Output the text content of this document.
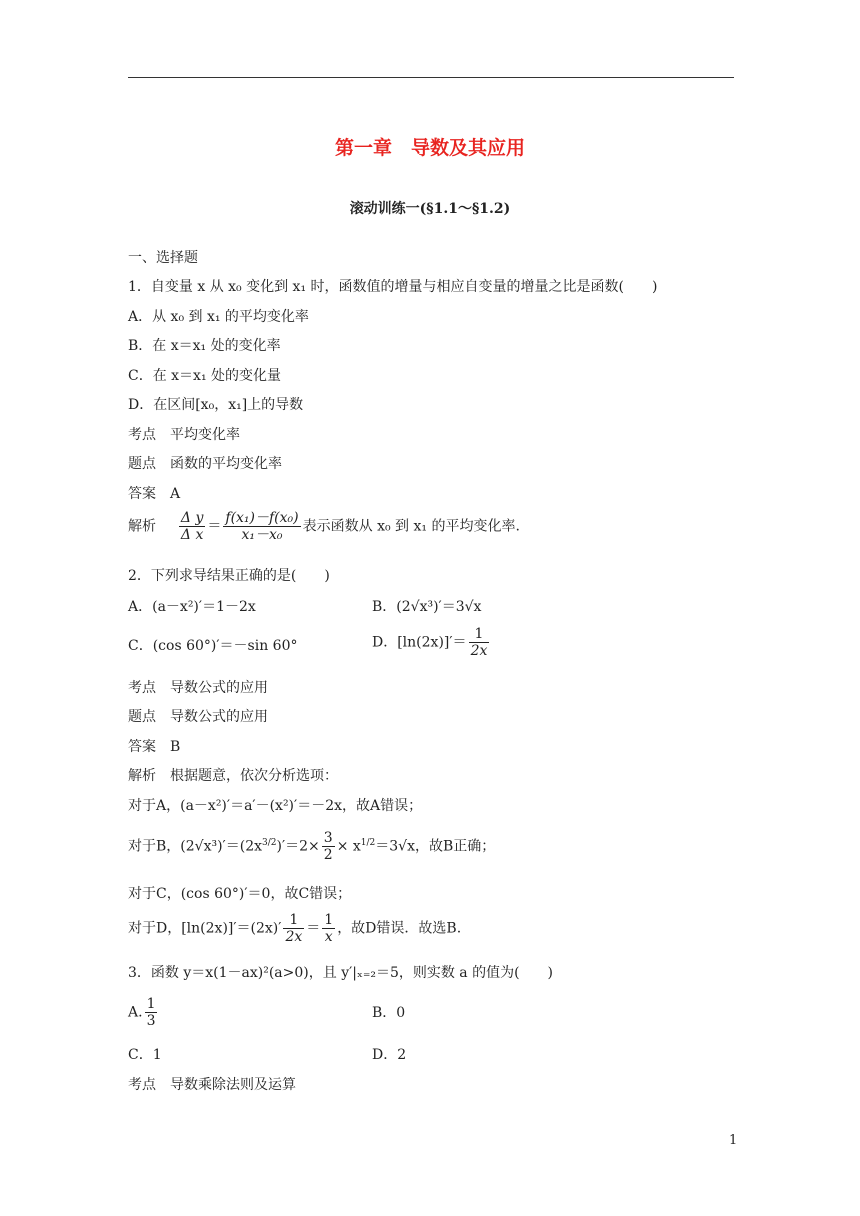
第一章　导数及其应用
滚动训练一(§1.1～§1.2)
一、选择题
1．自变量 x 从 x₀ 变化到 x₁ 时，函数值的增量与相应自变量的增量之比是函数(　　)
A．从 x₀ 到 x₁ 的平均变化率
B．在 x＝x₁ 处的变化率
C．在 x＝x₁ 处的变化量
D．在区间[x₀，x₁]上的导数
考点　平均变化率
题点　函数的平均变化率
答案　A
解析 $\frac{\text{Δ y}}{\text{Δ x}} = \frac{\text{f(x₁)－f(x₀)}}{\text{x₁－x₀}}$ 表示函数从 x₀ 到 x₁ 的平均变化率.
2．下列求导结果正确的是(　　)
A．(a－x²)′＝1－2x	B．(2√x³)′＝3√x
C．(cos 60°)′＝－sin 60°	D．$[\ln(2x)]'= \frac{1}{2x}$
考点　导数公式的应用
题点　导数公式的应用
答案　B
解析　根据题意，依次分析选项：
对于A，(a－x²)′＝a′－(x²)′＝－2x，故A错误；
对于B，$(2√x^3)'=(2x^{3/2})'=2\times \frac{3}{2} \times x^{1/2}=3√x$，故B正确；
对于C，(cos 60°)′＝0，故C错误；
对于D，$[\ln(2x)]'=(2x)' \frac{1}{2x} = \frac{1}{x}$ ，故D错误．故选B.
3．函数 y＝x(1－ax)²(a>0)，且 y′|ₓ₌₂＝5，则实数 a 的值为(　　)
A. $\frac{1}{3}$	B．0
C．1	D．2
考点　导数乘除法则及运算
1
